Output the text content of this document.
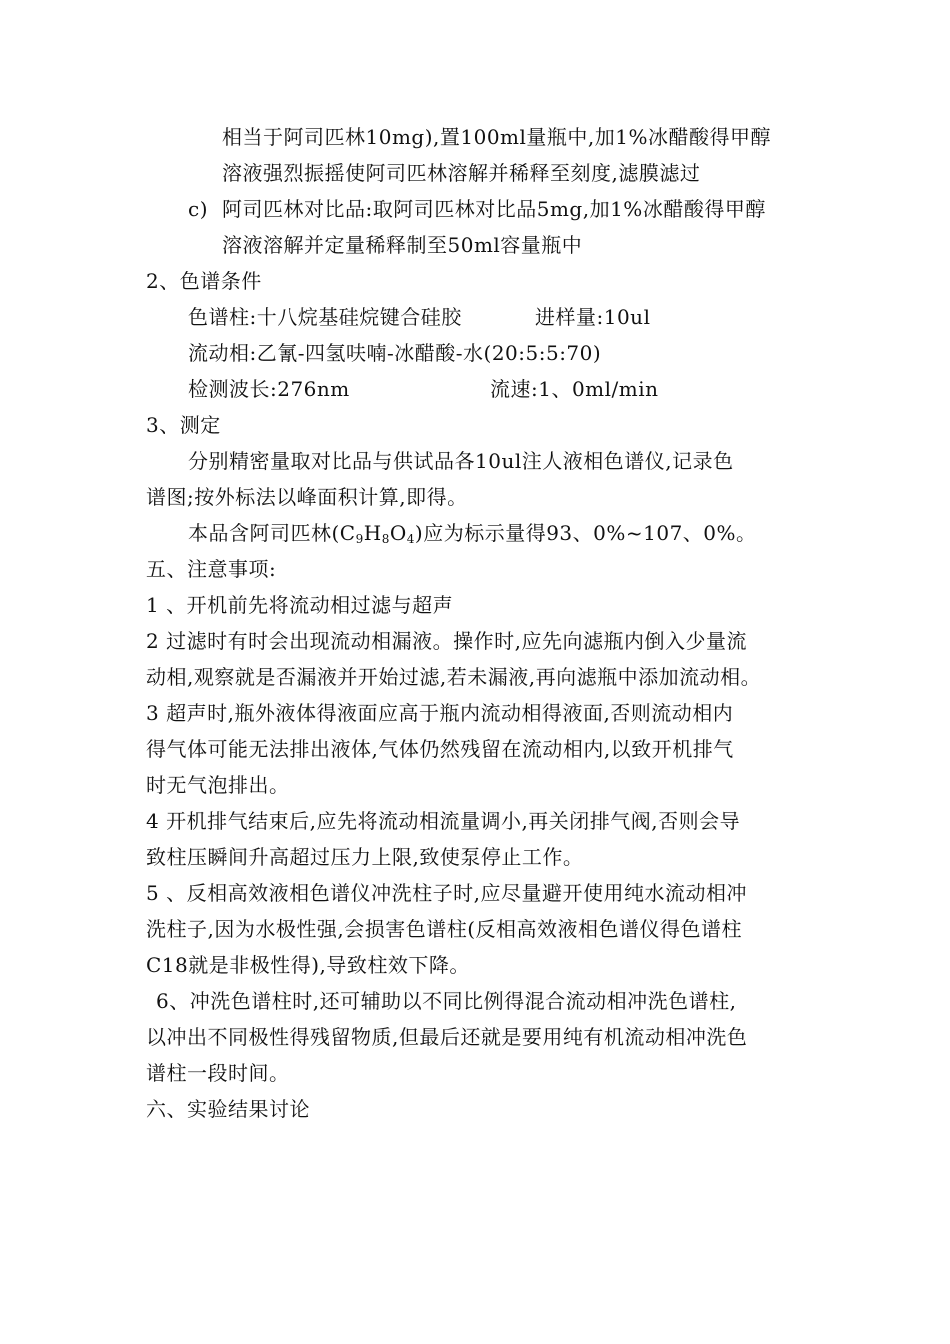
相当于阿司匹林10mg),置100ml量瓶中,加1%冰醋酸得甲醇
溶液强烈振摇使阿司匹林溶解并稀释至刻度,滤膜滤过
c) 阿司匹林对比品:取阿司匹林对比品5mg,加1%冰醋酸得甲醇
溶液溶解并定量稀释制至50ml容量瓶中
2、色谱条件
色谱柱:十八烷基硅烷键合硅胶	进样量:10ul
流动相:乙氰-四氢呋喃-冰醋酸-水(20:5:5:70)
检测波长:276nm	流速:1、0ml/min
3、测定
分别精密量取对比品与供试品各10ul注人液相色谱仪,记录色
谱图;按外标法以峰面积计算,即得。
本品含阿司匹林$(C_9H_8O_4)$应为标示量得93、0%~107、0%。
五、注意事项:
1 、开机前先将流动相过滤与超声
2 过滤时有时会出现流动相漏液。操作时,应先向滤瓶内倒入少量流
动相,观察就是否漏液并开始过滤,若未漏液,再向滤瓶中添加流动相。
3 超声时,瓶外液体得液面应高于瓶内流动相得液面,否则流动相内
得气体可能无法排出液体,气体仍然残留在流动相内,以致开机排气
时无气泡排出。
4 开机排气结束后,应先将流动相流量调小,再关闭排气阀,否则会导
致柱压瞬间升高超过压力上限,致使泵停止工作。
5 、反相高效液相色谱仪冲洗柱子时,应尽量避开使用纯水流动相冲
洗柱子,因为水极性强,会损害色谱柱(反相高效液相色谱仪得色谱柱
C18就是非极性得),导致柱效下降。
6、冲洗色谱柱时,还可辅助以不同比例得混合流动相冲洗色谱柱,
以冲出不同极性得残留物质,但最后还就是要用纯有机流动相冲洗色
谱柱一段时间。
六、实验结果讨论
